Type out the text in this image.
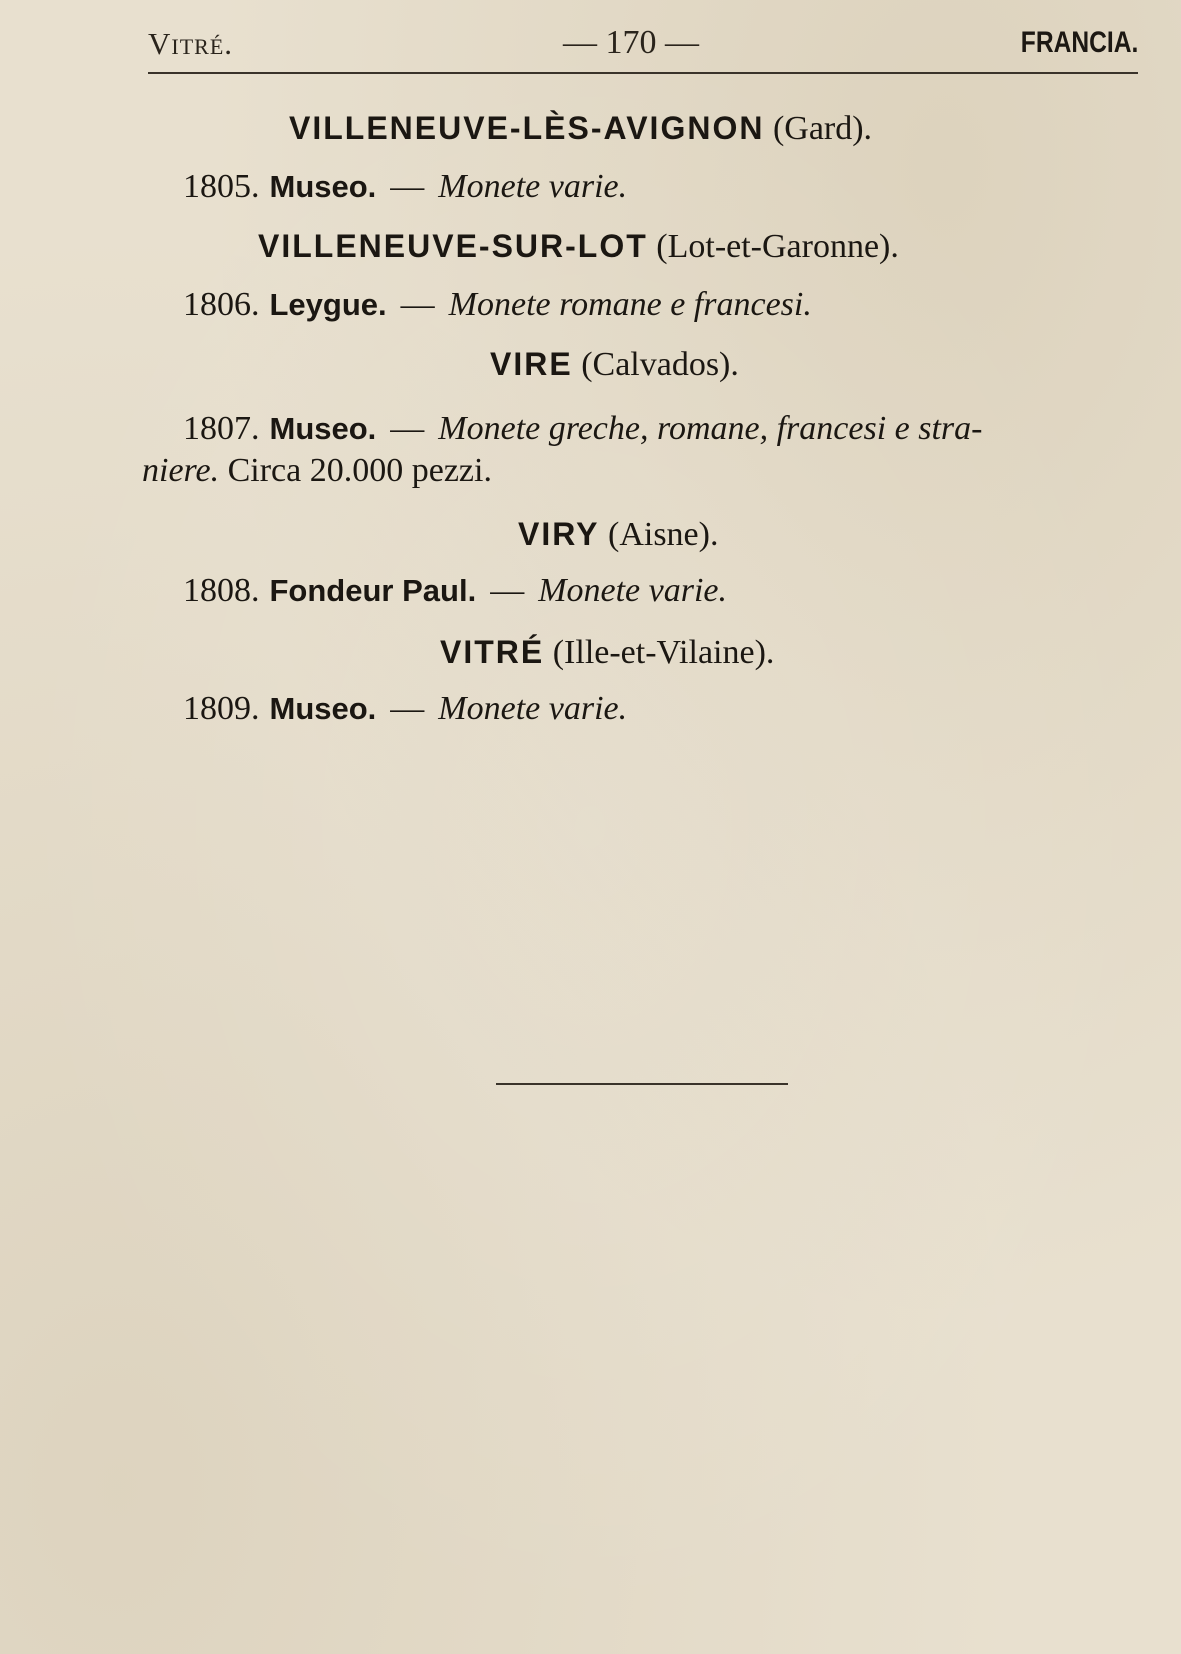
Vitré.	— 170 —	FRANCIA.
VILLENEUVE-LÈS-AVIGNON (Gard).
1805. Museo. — Monete varie.
VILLENEUVE-SUR-LOT (Lot-et-Garonne).
1806. Leygue. — Monete romane e francesi.
VIRE (Calvados).
1807. Museo. — Monete greche, romane, francesi e stra-
niere. Circa 20.000 pezzi.
VIRY (Aisne).
1808. Fondeur Paul. — Monete varie.
VITRÉ (Ille-et-Vilaine).
1809. Museo. — Monete varie.
